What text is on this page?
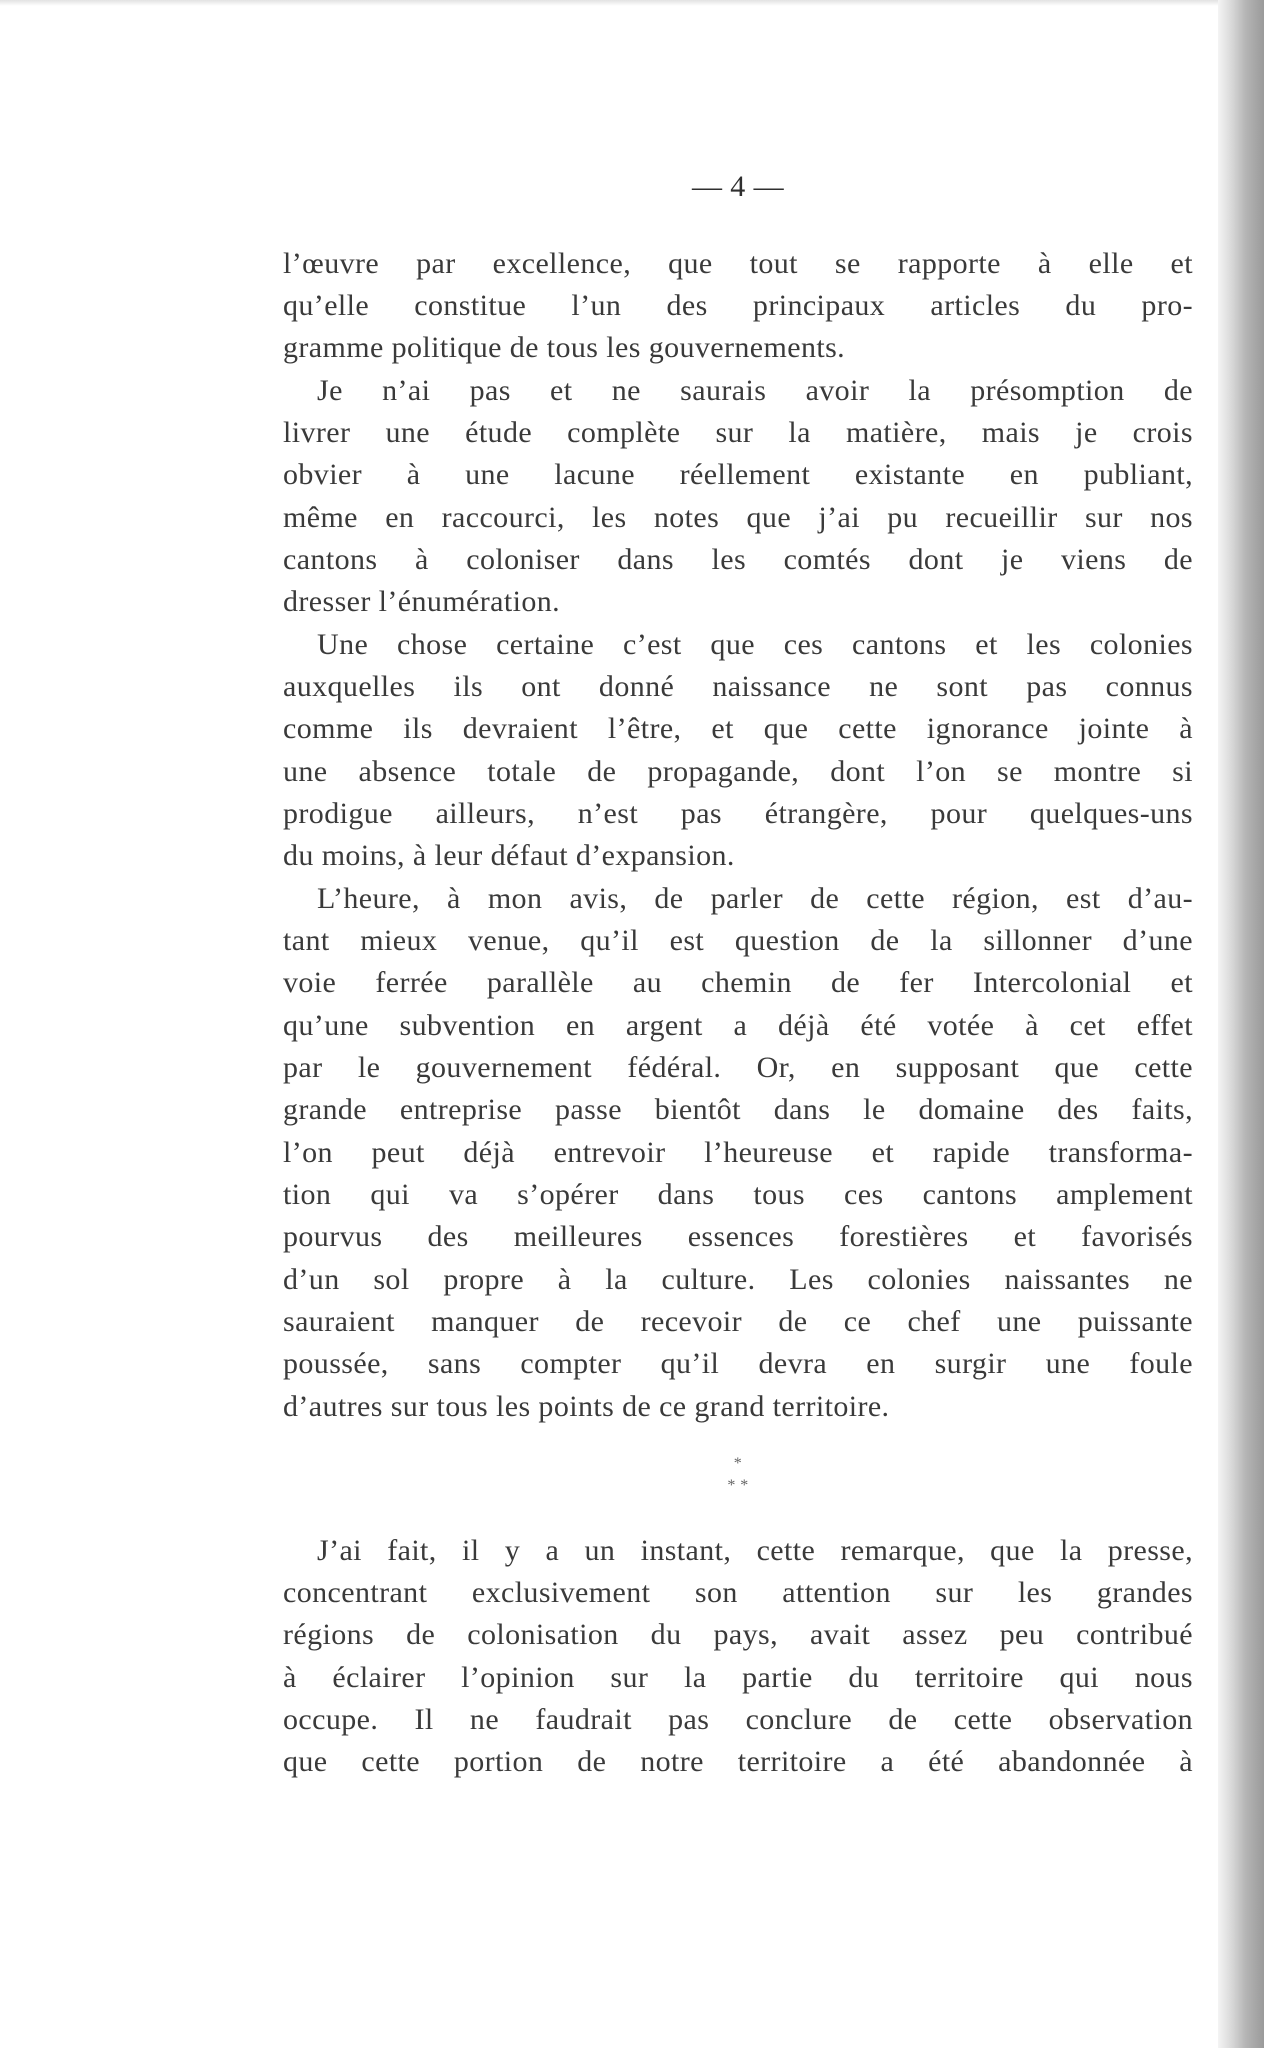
— 4 —
l’œuvre par excellence, que tout se rapporte à elle et
qu’elle constitue l’un des principaux articles du pro-
gramme politique de tous les gouvernements.
Je n’ai pas et ne saurais avoir la présomption de
livrer une étude complète sur la matière, mais je crois
obvier à une lacune réellement existante en publiant,
même en raccourci, les notes que j’ai pu recueillir sur nos
cantons à coloniser dans les comtés dont je viens de
dresser l’énumération.
Une chose certaine c’est que ces cantons et les colonies
auxquelles ils ont donné naissance ne sont pas connus
comme ils devraient l’être, et que cette ignorance jointe à
une absence totale de propagande, dont l’on se montre si
prodigue ailleurs, n’est pas étrangère, pour quelques-uns
du moins, à leur défaut d’expansion.
L’heure, à mon avis, de parler de cette région, est d’au-
tant mieux venue, qu’il est question de la sillonner d’une
voie ferrée parallèle au chemin de fer Intercolonial et
qu’une subvention en argent a déjà été votée à cet effet
par le gouvernement fédéral. Or, en supposant que cette
grande entreprise passe bientôt dans le domaine des faits,
l’on peut déjà entrevoir l’heureuse et rapide transforma-
tion qui va s’opérer dans tous ces cantons amplement
pourvus des meilleures essences forestières et favorisés
d’un sol propre à la culture. Les colonies naissantes ne
sauraient manquer de recevoir de ce chef une puissante
poussée, sans compter qu’il devra en surgir une foule
d’autres sur tous les points de ce grand territoire.
*
* *
J’ai fait, il y a un instant, cette remarque, que la presse,
concentrant exclusivement son attention sur les grandes
régions de colonisation du pays, avait assez peu contribué
à éclairer l’opinion sur la partie du territoire qui nous
occupe. Il ne faudrait pas conclure de cette observation
que cette portion de notre territoire a été abandonnée à
